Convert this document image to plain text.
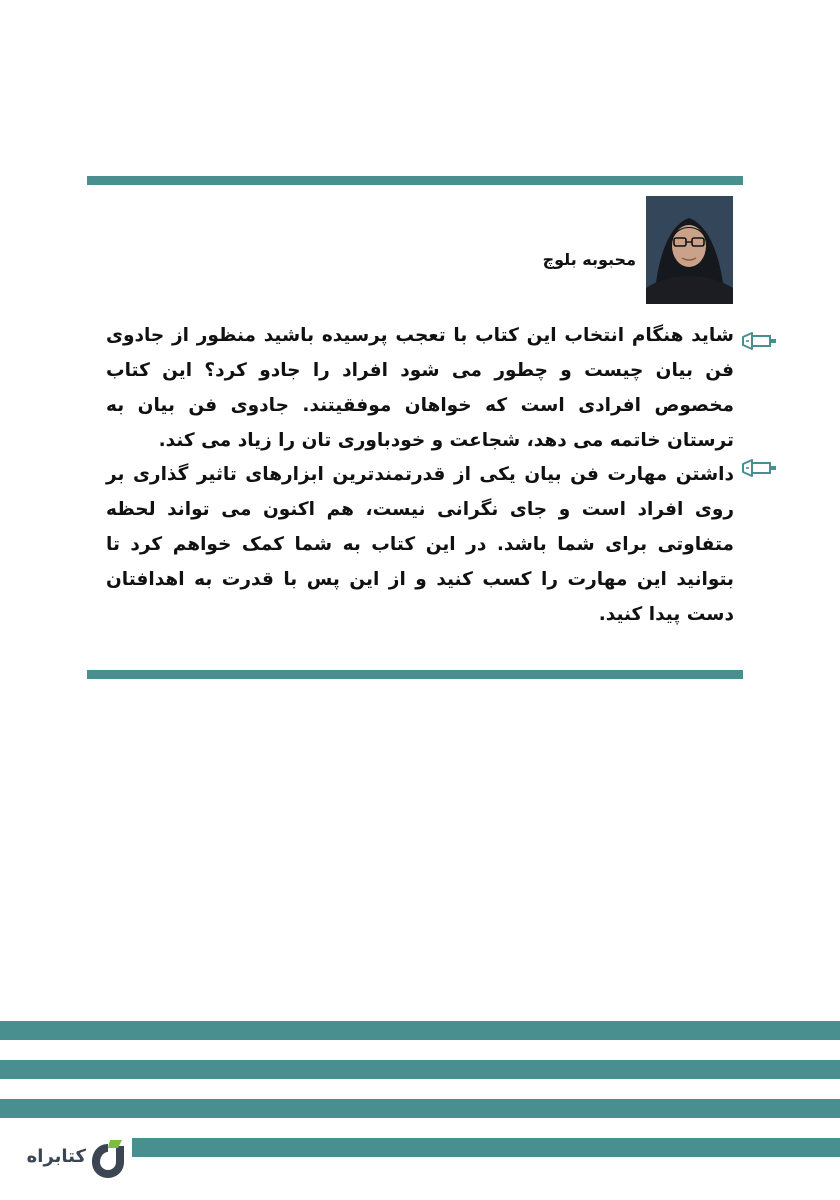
محبوبه بلوچ
شاید هنگام انتخاب این کتاب با تعجب پرسیده باشید منظور از جادوی فن بیان چیست و چطور می شود افراد را جادو کرد؟ این کتاب مخصوص افرادی است که خواهان موفقیتند. جادوی فن بیان به ترستان خاتمه می دهد، شجاعت و خودباوری تان را زیاد می کند.
داشتن مهارت فن بیان یکی از قدرتمندترین ابزارهای تاثیر گذاری بر روی افراد است و جای نگرانی نیست، هم اکنون می تواند لحظه متفاوتی برای شما باشد. در این کتاب به شما کمک خواهم کرد تا بتوانید این مهارت را کسب کنید و از این پس با قدرت به اهدافتان دست پیدا کنید.
کتابراه
